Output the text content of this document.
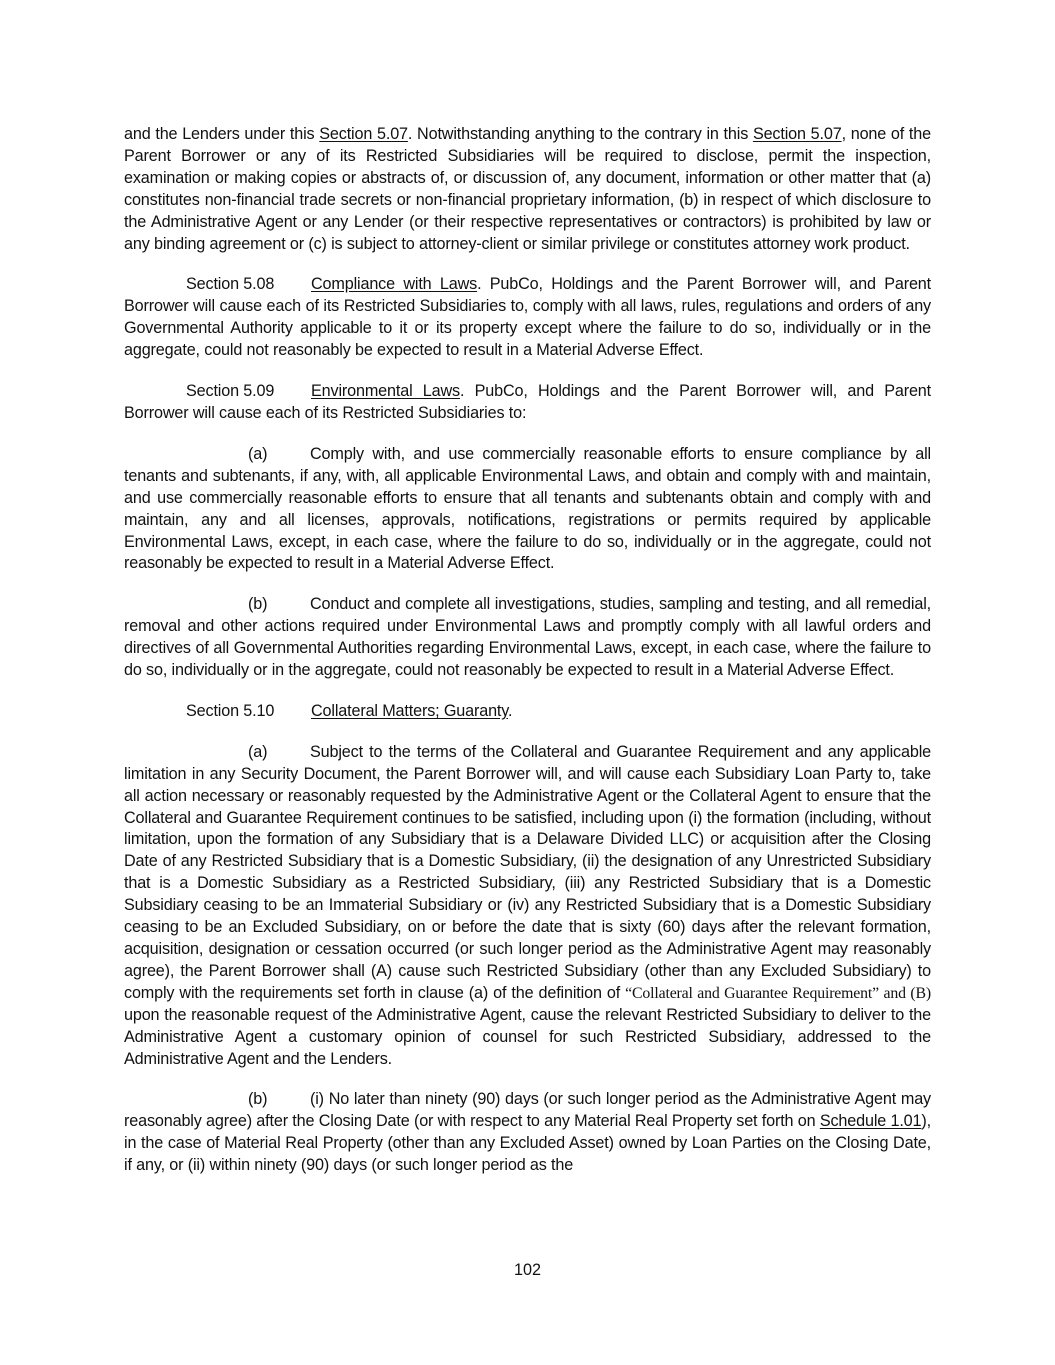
and the Lenders under this Section 5.07. Notwithstanding anything to the contrary in this Section 5.07, none of the Parent Borrower or any of its Restricted Subsidiaries will be required to disclose, permit the inspection, examination or making copies or abstracts of, or discussion of, any document, information or other matter that (a) constitutes non-financial trade secrets or non-financial proprietary information, (b) in respect of which disclosure to the Administrative Agent or any Lender (or their respective representatives or contractors) is prohibited by law or any binding agreement or (c) is subject to attorney-client or similar privilege or constitutes attorney work product.

Section 5.08 Compliance with Laws. PubCo, Holdings and the Parent Borrower will, and Parent Borrower will cause each of its Restricted Subsidiaries to, comply with all laws, rules, regulations and orders of any Governmental Authority applicable to it or its property except where the failure to do so, individually or in the aggregate, could not reasonably be expected to result in a Material Adverse Effect.

Section 5.09 Environmental Laws. PubCo, Holdings and the Parent Borrower will, and Parent Borrower will cause each of its Restricted Subsidiaries to:

(a)	Comply with, and use commercially reasonable efforts to ensure compliance by all tenants and subtenants, if any, with, all applicable Environmental Laws, and obtain and comply with and maintain, and use commercially reasonable efforts to ensure that all tenants and subtenants obtain and comply with and maintain, any and all licenses, approvals, notifications, registrations or permits required by applicable Environmental Laws, except, in each case, where the failure to do so, individually or in the aggregate, could not reasonably be expected to result in a Material Adverse Effect.

(b)	Conduct and complete all investigations, studies, sampling and testing, and all remedial, removal and other actions required under Environmental Laws and promptly comply with all lawful orders and directives of all Governmental Authorities regarding Environmental Laws, except, in each case, where the failure to do so, individually or in the aggregate, could not reasonably be expected to result in a Material Adverse Effect.

Section 5.10 Collateral Matters; Guaranty.

(a)	Subject to the terms of the Collateral and Guarantee Requirement and any applicable limitation in any Security Document, the Parent Borrower will, and will cause each Subsidiary Loan Party to, take all action necessary or reasonably requested by the Administrative Agent or the Collateral Agent to ensure that the Collateral and Guarantee Requirement continues to be satisfied, including upon (i) the formation (including, without limitation, upon the formation of any Subsidiary that is a Delaware Divided LLC) or acquisition after the Closing Date of any Restricted Subsidiary that is a Domestic Subsidiary, (ii) the designation of any Unrestricted Subsidiary that is a Domestic Subsidiary as a Restricted Subsidiary, (iii) any Restricted Subsidiary that is a Domestic Subsidiary ceasing to be an Immaterial Subsidiary or (iv) any Restricted Subsidiary that is a Domestic Subsidiary ceasing to be an Excluded Subsidiary, on or before the date that is sixty (60) days after the relevant formation, acquisition, designation or cessation occurred (or such longer period as the Administrative Agent may reasonably agree), the Parent Borrower shall (A) cause such Restricted Subsidiary (other than any Excluded Subsidiary) to comply with the requirements set forth in clause (a) of the definition of “Collateral and Guarantee Requirement” and (B) upon the reasonable request of the Administrative Agent, cause the relevant Restricted Subsidiary to deliver to the Administrative Agent a customary opinion of counsel for such Restricted Subsidiary, addressed to the Administrative Agent and the Lenders.

(b)	(i) No later than ninety (90) days (or such longer period as the Administrative Agent may reasonably agree) after the Closing Date (or with respect to any Material Real Property set forth on Schedule 1.01), in the case of Material Real Property (other than any Excluded Asset) owned by Loan Parties on the Closing Date, if any, or (ii) within ninety (90) days (or such longer period as the

102
